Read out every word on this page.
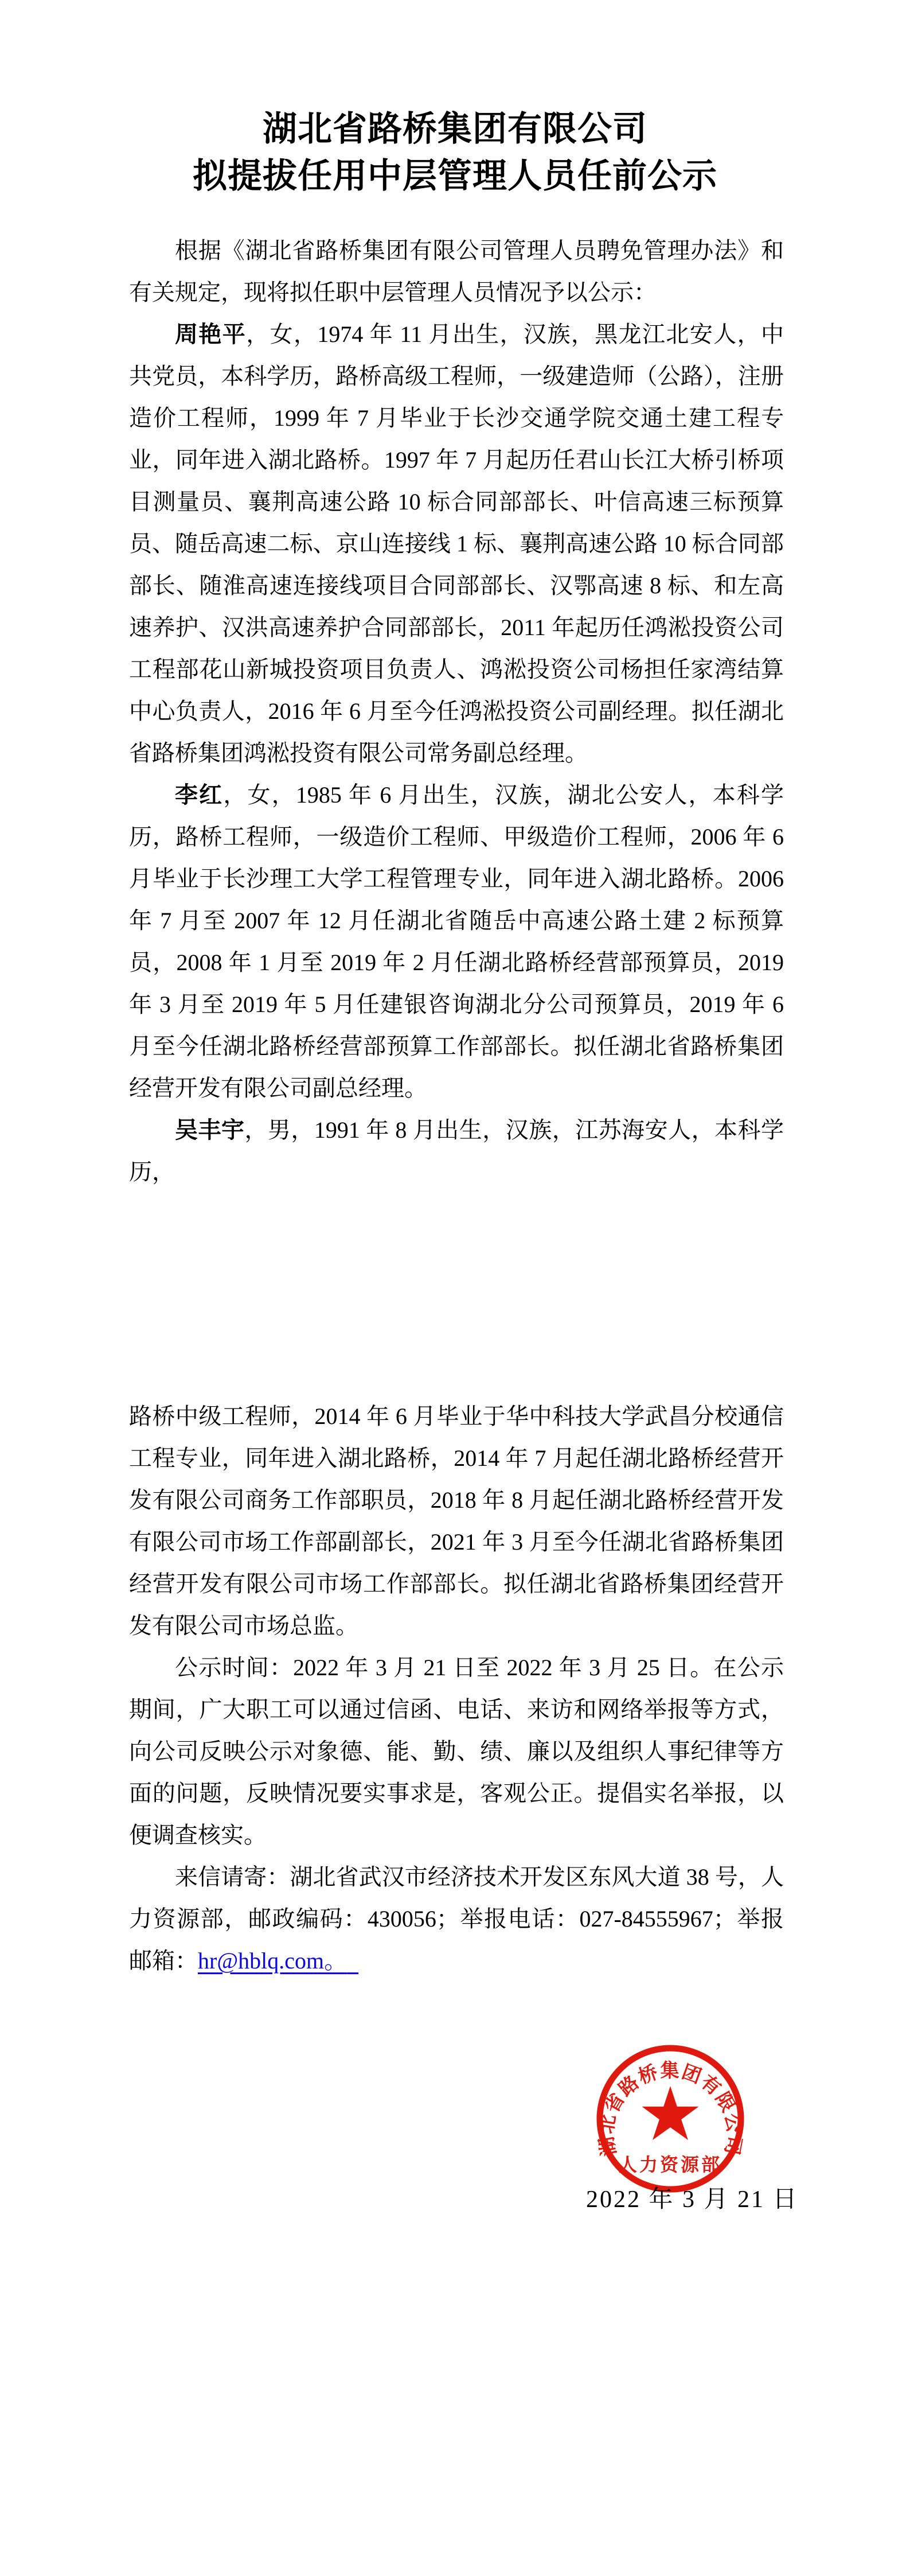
湖北省路桥集团有限公司
拟提拔任用中层管理人员任前公示

根据《湖北省路桥集团有限公司管理人员聘免管理办法》和有关规定，现将拟任职中层管理人员情况予以公示：

周艳平，女，1974 年 11 月出生，汉族，黑龙江北安人，中共党员，本科学历，路桥高级工程师，一级建造师（公路），注册造价工程师，1999 年 7 月毕业于长沙交通学院交通土建工程专业，同年进入湖北路桥。1997 年 7 月起历任君山长江大桥引桥项目测量员、襄荆高速公路 10 标合同部部长、叶信高速三标预算员、随岳高速二标、京山连接线 1 标、襄荆高速公路 10 标合同部部长、随淮高速连接线项目合同部部长、汉鄂高速 8 标、和左高速养护、汉洪高速养护合同部部长，2011 年起历任鸿淞投资公司工程部花山新城投资项目负责人、鸿淞投资公司杨担任家湾结算中心负责人，2016 年 6 月至今任鸿淞投资公司副经理。拟任湖北省路桥集团鸿淞投资有限公司常务副总经理。

李红，女，1985 年 6 月出生，汉族，湖北公安人，本科学历，路桥工程师，一级造价工程师、甲级造价工程师，2006 年 6 月毕业于长沙理工大学工程管理专业，同年进入湖北路桥。2006 年 7 月至 2007 年 12 月任湖北省随岳中高速公路土建 2 标预算员，2008 年 1 月至 2019 年 2 月任湖北路桥经营部预算员，2019 年 3 月至 2019 年 5 月任建银咨询湖北分公司预算员，2019 年 6 月至今任湖北路桥经营部预算工作部部长。拟任湖北省路桥集团经营开发有限公司副总经理。

吴丰宇，男，1991 年 8 月出生，汉族，江苏海安人，本科学历，

路桥中级工程师，2014 年 6 月毕业于华中科技大学武昌分校通信工程专业，同年进入湖北路桥，2014 年 7 月起任湖北路桥经营开发有限公司商务工作部职员，2018 年 8 月起任湖北路桥经营开发有限公司市场工作部副部长，2021 年 3 月至今任湖北省路桥集团经营开发有限公司市场工作部部长。拟任湖北省路桥集团经营开发有限公司市场总监。

公示时间：2022 年 3 月 21 日至 2022 年 3 月 25 日。在公示期间，广大职工可以通过信函、电话、来访和网络举报等方式，向公司反映公示对象德、能、勤、绩、廉以及组织人事纪律等方面的问题，反映情况要实事求是，客观公正。提倡实名举报，以便调查核实。

来信请寄：湖北省武汉市经济技术开发区东风大道 38 号，人力资源部，邮政编码：430056；举报电话：027-84555967；举报邮箱：hr@hblq.com。

湖北省路桥集团有限公司
人力资源部
2022 年 3 月 21 日
